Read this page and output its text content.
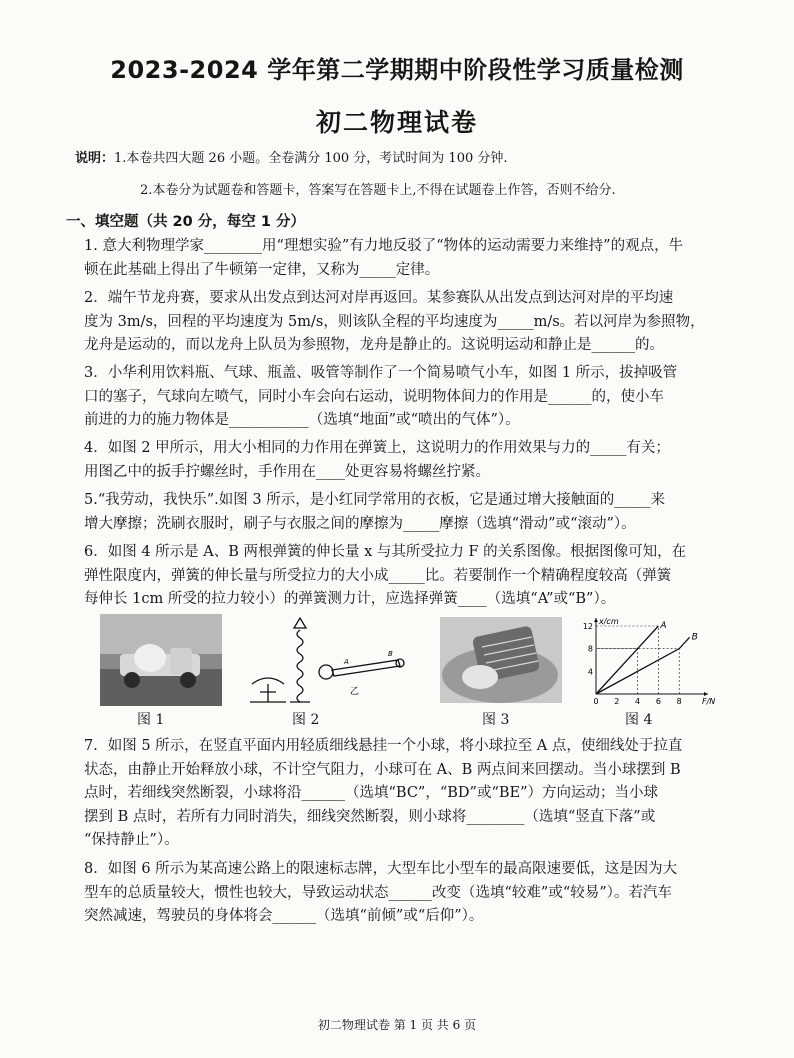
2023-2024 学年第二学期期中阶段性学习质量检测
初二物理试卷
说明：1.本卷共四大题 26 小题。全卷满分 100 分，考试时间为 100 分钟.
2.本卷分为试题卷和答题卡，答案写在答题卡上,不得在试题卷上作答，否则不给分.
一、填空题（共 20 分，每空 1 分）
1. 意大利物理学家________用“理想实验”有力地反驳了“物体的运动需要力来维持”的观点，牛
顿在此基础上得出了牛顿第一定律，又称为_____定律。
2．端午节龙舟赛，要求从出发点到达河对岸再返回。某参赛队从出发点到达河对岸的平均速
度为 3m/s，回程的平均速度为 5m/s，则该队全程的平均速度为_____m/s。若以河岸为参照物，
龙舟是运动的，而以龙舟上队员为参照物，龙舟是静止的。这说明运动和静止是______的。
3．小华利用饮料瓶、气球、瓶盖、吸管等制作了一个简易喷气小车，如图 1 所示，拔掉吸管
口的塞子，气球向左喷气，同时小车会向右运动，说明物体间力的作用是______的，使小车
前进的力的施力物体是___________（选填“地面”或“喷出的气体”）。
4．如图 2 甲所示，用大小相同的力作用在弹簧上，这说明力的作用效果与力的_____有关；
用图乙中的扳手拧螺丝时，手作用在____处更容易将螺丝拧紧。
5.“我劳动，我快乐”.如图 3 所示，是小红同学常用的衣板，它是通过增大接触面的_____来
增大摩擦；洗刷衣服时，刷子与衣服之间的摩擦为_____摩擦（选填“滑动”或“滚动”）。
6．如图 4 所示是 A、B 两根弹簧的伸长量 x 与其所受拉力 F 的关系图像。根据图像可知，在
弹性限度内，弹簧的伸长量与所受拉力的大小成_____比。若要制作一个精确程度较高（弹簧
每伸长 1cm 所受的拉力较小）的弹簧测力计，应选择弹簧____（选填“A”或“B”）。
图 1
A
B
乙
图 2	图 3
0 2 4 6 8
4
8
12
F/N
x/cm	A
B
图 4
7．如图 5 所示，在竖直平面内用轻质细线悬挂一个小球，将小球拉至 A 点，使细线处于拉直
状态，由静止开始释放小球，不计空气阻力，小球可在 A、B 两点间来回摆动。当小球摆到 B
点时，若细线突然断裂，小球将沿______（选填“BC”，“BD”或“BE”）方向运动；当小球
摆到 B 点时，若所有力同时消失，细线突然断裂，则小球将________（选填“竖直下落”或
“保持静止”）。
8．如图 6 所示为某高速公路上的限速标志牌，大型车比小型车的最高限速要低，这是因为大
型车的总质量较大，惯性也较大，导致运动状态______改变（选填“较难”或“较易”）。若汽车
突然减速，驾驶员的身体将会______（选填“前倾”或“后仰”）。
初二物理试卷 第 1 页 共 6 页
